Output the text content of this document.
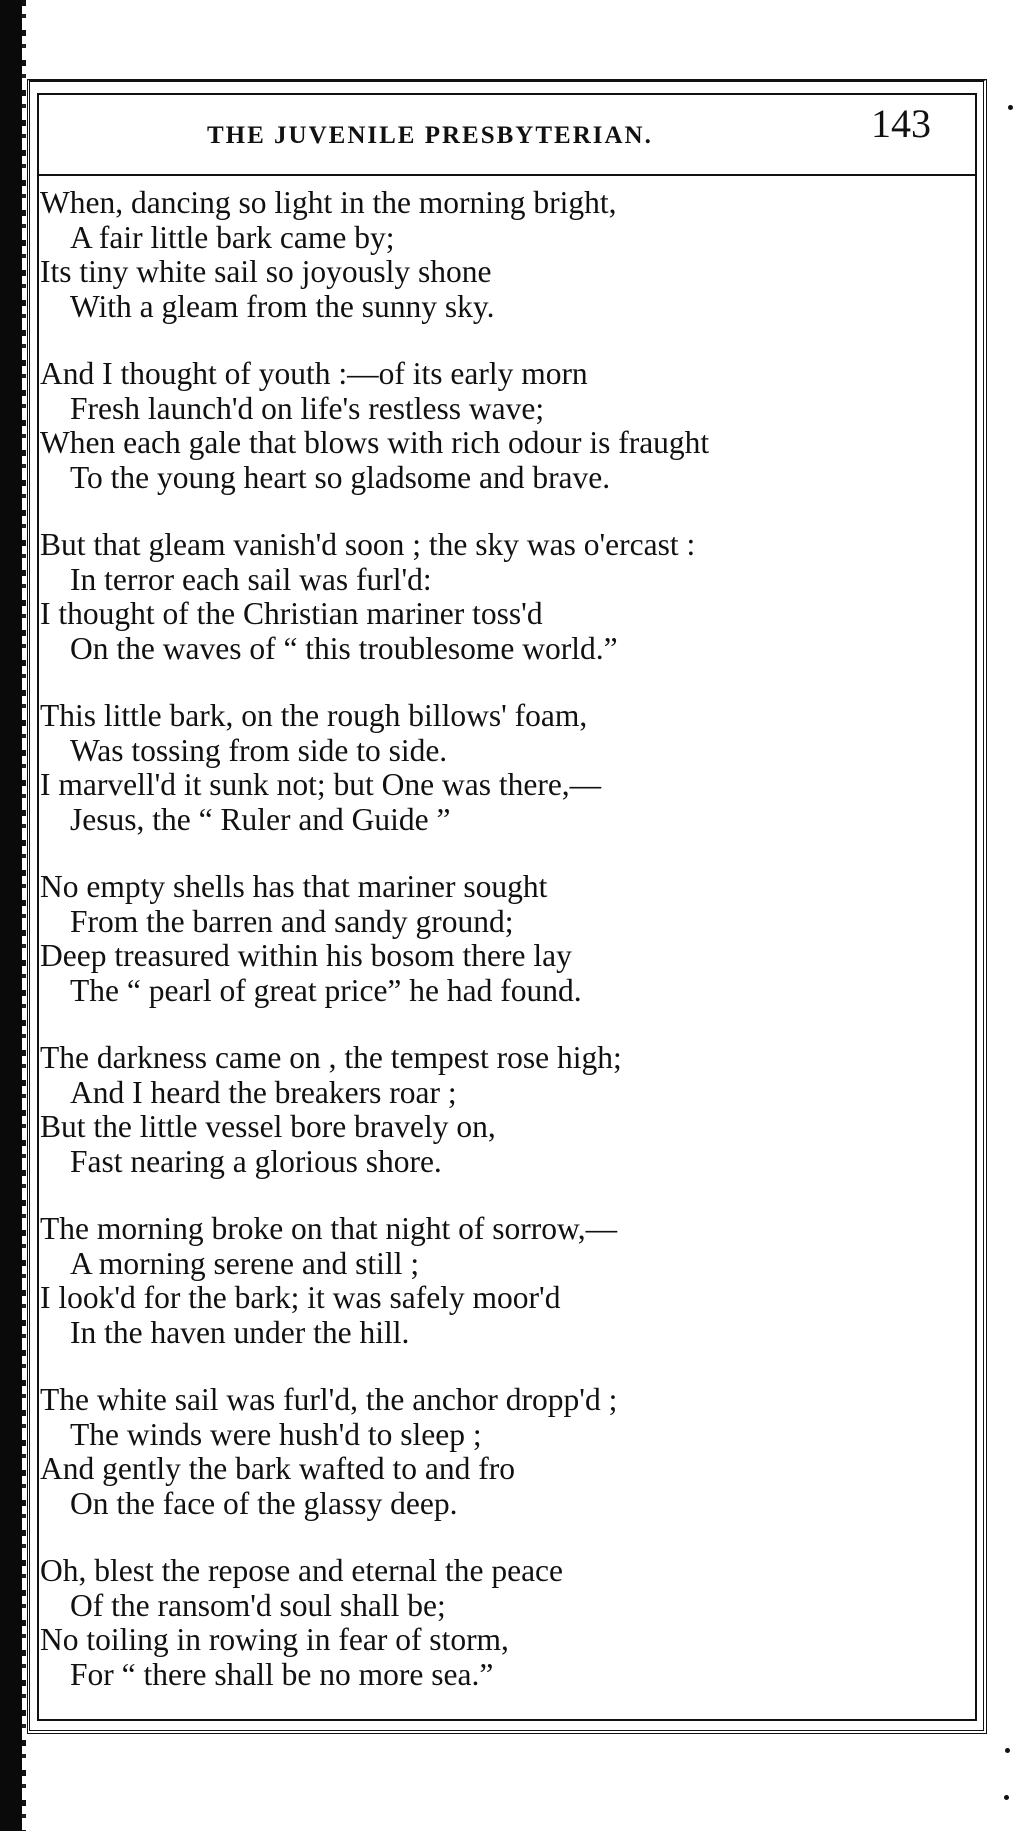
THE JUVENILE PRESBYTERIAN.	143
When, dancing so light in the morning bright,
A fair little bark came by;
Its tiny white sail so joyously shone
With a gleam from the sunny sky.
And I thought of youth :—of its early morn
Fresh launch'd on life's restless wave;
When each gale that blows with rich odour is fraught
To the young heart so gladsome and brave.
But that gleam vanish'd soon ; the sky was o'ercast :
In terror each sail was furl'd:
I thought of the Christian mariner toss'd
On the waves of “ this troublesome world.”
This little bark, on the rough billows' foam,
Was tossing from side to side.
I marvell'd it sunk not; but One was there,—
Jesus, the “ Ruler and Guide ”
No empty shells has that mariner sought
From the barren and sandy ground;
Deep treasured within his bosom there lay
The “ pearl of great price” he had found.
The darkness came on , the tempest rose high;
And I heard the breakers roar ;
But the little vessel bore bravely on,
Fast nearing a glorious shore.
The morning broke on that night of sorrow,—
A morning serene and still ;
I look'd for the bark; it was safely moor'd
In the haven under the hill.
The white sail was furl'd, the anchor dropp'd ;
The winds were hush'd to sleep ;
And gently the bark wafted to and fro
On the face of the glassy deep.
Oh, blest the repose and eternal the peace
Of the ransom'd soul shall be;
No toiling in rowing in fear of storm,
For “ there shall be no more sea.”
